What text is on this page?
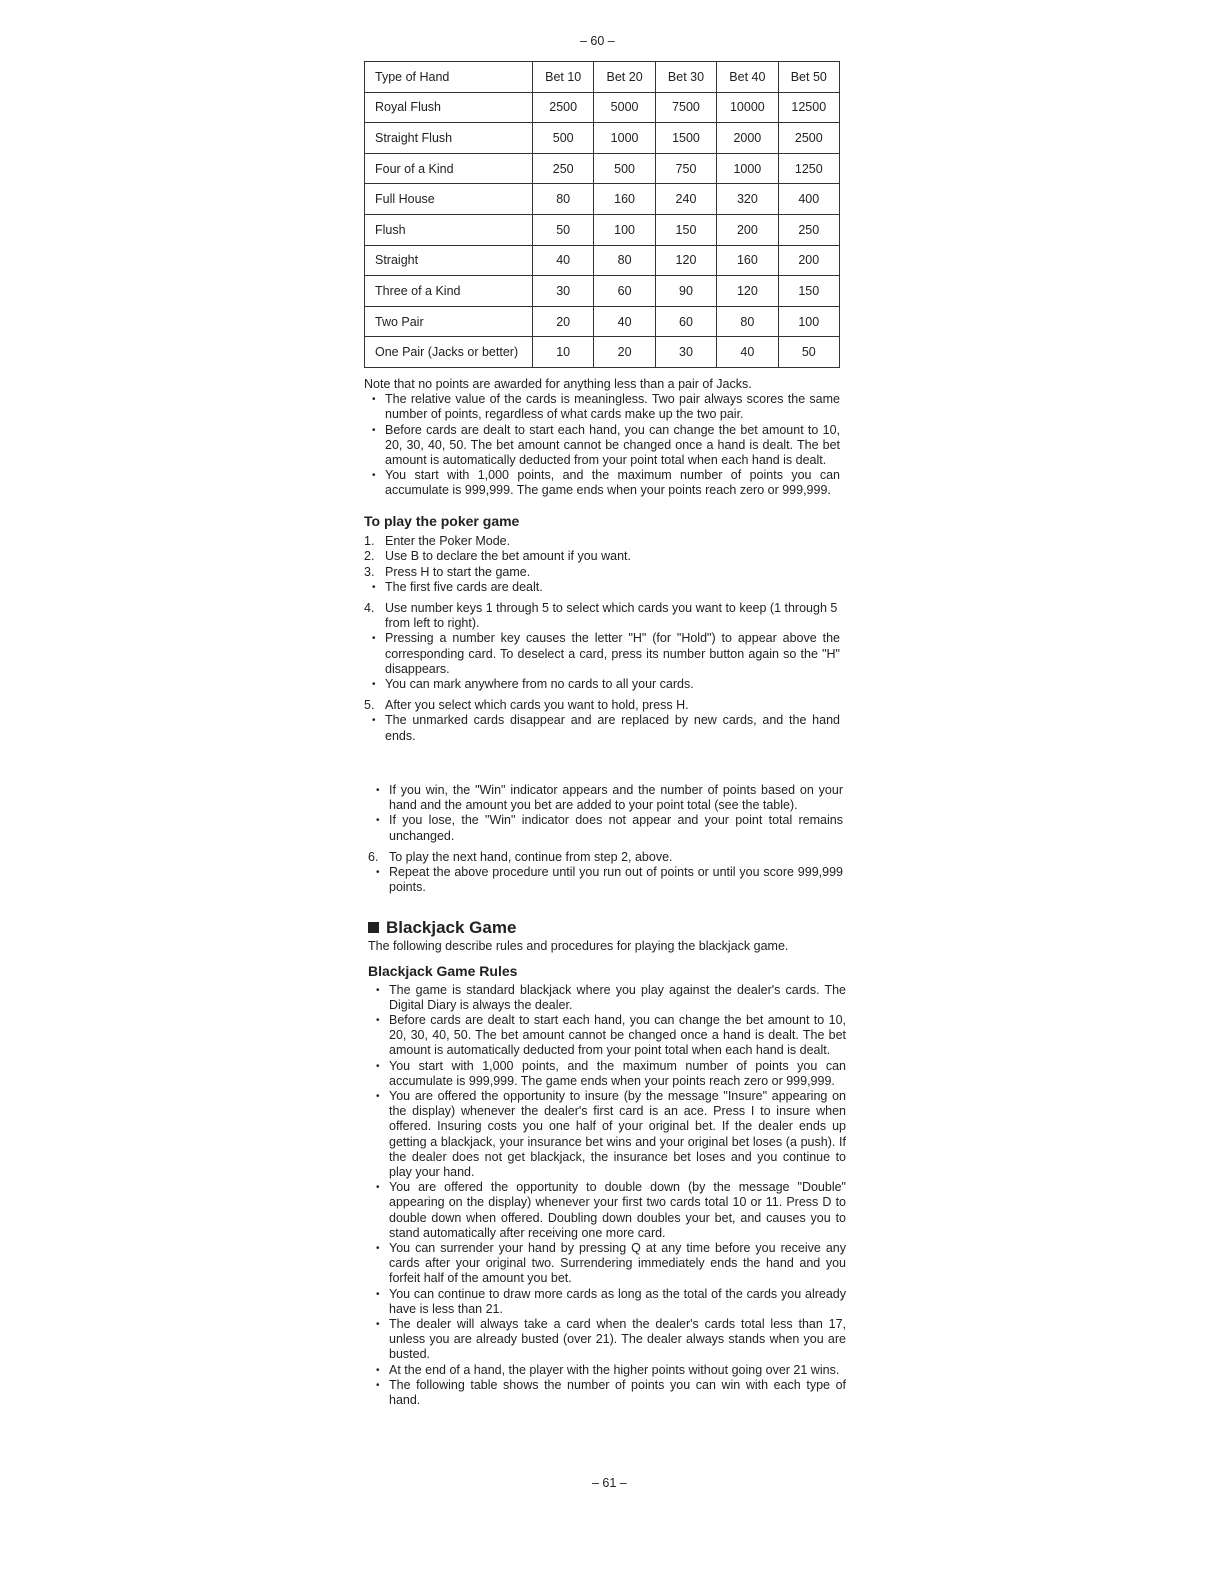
– 60 –
Type of Hand	Bet 10	Bet 20	Bet 30	Bet 40	Bet 50
Royal Flush	2500	5000	7500	10000	12500
Straight Flush	500	1000	1500	2000	2500
Four of a Kind	250	500	750	1000	1250
Full House	80	160	240	320	400
Flush	50	100	150	200	250
Straight	40	80	120	160	200
Three of a Kind	30	60	90	120	150
Two Pair	20	40	60	80	100
One Pair (Jacks or better)	10	20	30	40	50

Note that no points are awarded for anything less than a pair of Jacks.

• The relative value of the cards is meaningless. Two pair always scores the same number of points, regardless of what cards make up the two pair.

• Before cards are dealt to start each hand, you can change the bet amount to 10, 20, 30, 40, 50. The bet amount cannot be changed once a hand is dealt. The bet amount is automatically deducted from your point total when each hand is dealt.

• You start with 1,000 points, and the maximum number of points you can accumulate is 999,999. The game ends when your points reach zero or 999,999.

To play the poker game

1. Enter the Poker Mode.

2. Use B to declare the bet amount if you want.

3. Press H to start the game.

• The first five cards are dealt.

4. Use number keys 1 through 5 to select which cards you want to keep (1 through 5 from left to right).

• Pressing a number key causes the letter "H" (for "Hold") to appear above the corresponding card. To deselect a card, press its number button again so the "H" disappears.

• You can mark anywhere from no cards to all your cards.

5. After you select which cards you want to hold, press H.

• The unmarked cards disappear and are replaced by new cards, and the hand ends.

• If you win, the "Win" indicator appears and the number of points based on your hand and the amount you bet are added to your point total (see the table).

• If you lose, the "Win" indicator does not appear and your point total remains unchanged.

6. To play the next hand, continue from step 2, above.

• Repeat the above procedure until you run out of points or until you score 999,999 points.

Blackjack Game

The following describe rules and procedures for playing the blackjack game.

Blackjack Game Rules

• The game is standard blackjack where you play against the dealer's cards. The Digital Diary is always the dealer.

• Before cards are dealt to start each hand, you can change the bet amount to 10, 20, 30, 40, 50. The bet amount cannot be changed once a hand is dealt. The bet amount is automatically deducted from your point total when each hand is dealt.

• You start with 1,000 points, and the maximum number of points you can accumulate is 999,999. The game ends when your points reach zero or 999,999.

• You are offered the opportunity to insure (by the message "Insure" appearing on the display) whenever the dealer's first card is an ace. Press I to insure when offered. Insuring costs you one half of your original bet. If the dealer ends up getting a blackjack, your insurance bet wins and your original bet loses (a push). If the dealer does not get blackjack, the insurance bet loses and you continue to play your hand.

• You are offered the opportunity to double down (by the message "Double" appearing on the display) whenever your first two cards total 10 or 11. Press D to double down when offered. Doubling down doubles your bet, and causes you to stand automatically after receiving one more card.

• You can surrender your hand by pressing Q at any time before you receive any cards after your original two. Surrendering immediately ends the hand and you forfeit half of the amount you bet.

• You can continue to draw more cards as long as the total of the cards you already have is less than 21.

• The dealer will always take a card when the dealer's cards total less than 17, unless you are already busted (over 21). The dealer always stands when you are busted.

• At the end of a hand, the player with the higher points without going over 21 wins.

• The following table shows the number of points you can win with each type of hand.

– 61 –
